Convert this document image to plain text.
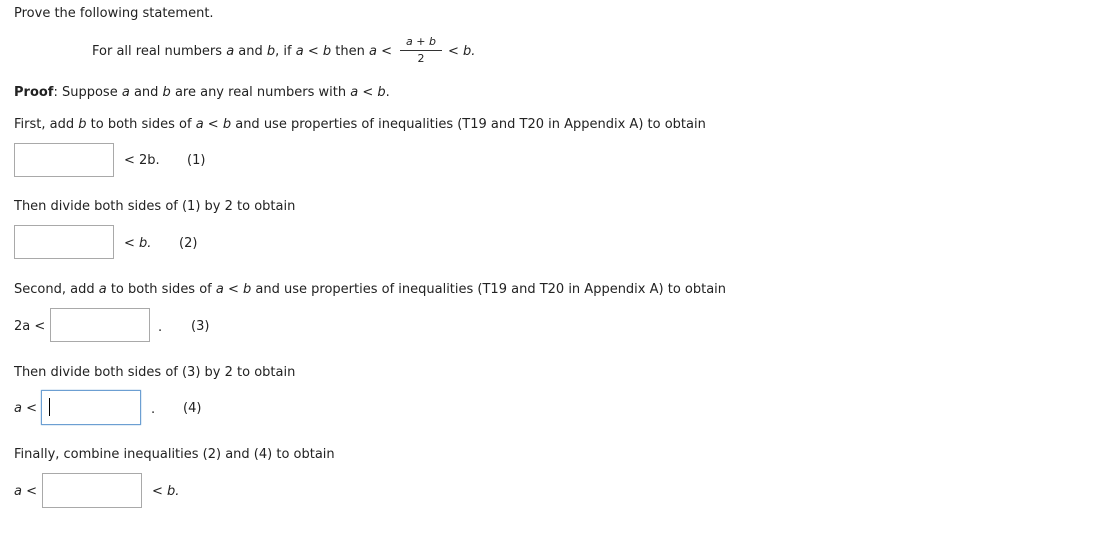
Prove the following statement.
For all real numbers a and b, if a < b then a <
a + b
2	< b.
Proof: Suppose a and b are any real numbers with a < b.
First, add b to both sides of a < b and use properties of inequalities (T19 and T20 in Appendix A) to obtain
< 2b. (1)
Then divide both sides of (1) by 2 to obtain
< b. (2)
Second, add a to both sides of a < b and use properties of inequalities (T19 and T20 in Appendix A) to obtain
2a <	. (3)
Then divide both sides of (3) by 2 to obtain
a <	. (4)
Finally, combine inequalities (2) and (4) to obtain
a <	< b.
